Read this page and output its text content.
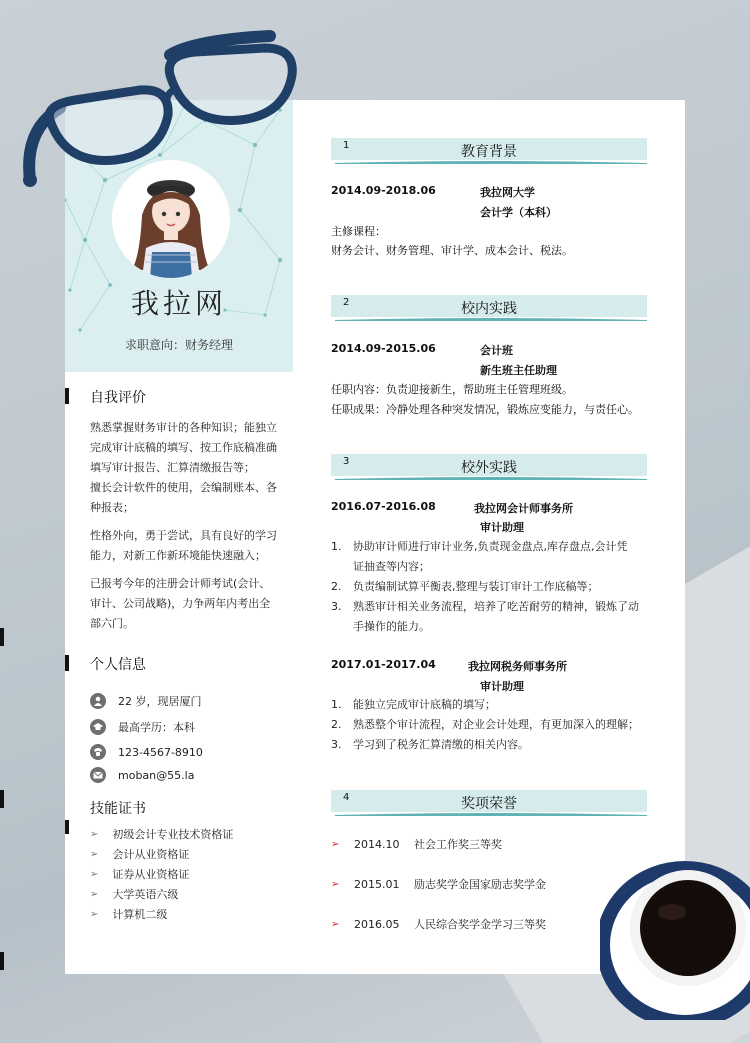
我拉网
求职意向：财务经理
自我评价
熟悉掌握财务审计的各种知识；能独立
完成审计底稿的填写、按工作底稿准确
填写审计报告、汇算清缴报告等；
擅长会计软件的使用，会编制账本、各
种报表；
性格外向，勇于尝试，具有良好的学习
能力，对新工作新环境能快速融入；
已报考今年的注册会计师考试(会计、
审计、公司战略)，力争两年内考出全
部六门。
个人信息
22 岁，现居厦门
最高学历：本科
123-4567-8910
moban@55.la
技能证书
➢ 初级会计专业技术资格证
➢ 会计从业资格证
➢ 证券从业资格证
➢ 大学英语六级
➢ 计算机二级
1	教育背景
2014.09-2018.06	我拉网大学
会计学（本科）
主修课程：
财务会计、财务管理、审计学、成本会计、税法。
2	校内实践
2014.09-2015.06	会计班
新生班主任助理
任职内容：负责迎接新生，帮助班主任管理班级。
任职成果：冷静处理各种突发情况，锻炼应变能力，与责任心。
3	校外实践
2016.07-2016.08	我拉网会计师事务所
审计助理
1. 协助审计师进行审计业务,负责现金盘点,库存盘点,会计凭
证抽查等内容；
2. 负责编制试算平衡表,整理与装订审计工作底稿等；
3. 熟悉审计相关业务流程，培养了吃苦耐劳的精神，锻炼了动
手操作的能力。
2017.01-2017.04	我拉网税务师事务所
审计助理
1. 能独立完成审计底稿的填写；
2. 熟悉整个审计流程，对企业会计处理，有更加深入的理解；
3. 学习到了税务汇算清缴的相关内容。
4	奖项荣誉
➢	2014.10	社会工作奖三等奖
➢	2015.01	励志奖学金国家励志奖学金
➢	2016.05	人民综合奖学金学习三等奖
